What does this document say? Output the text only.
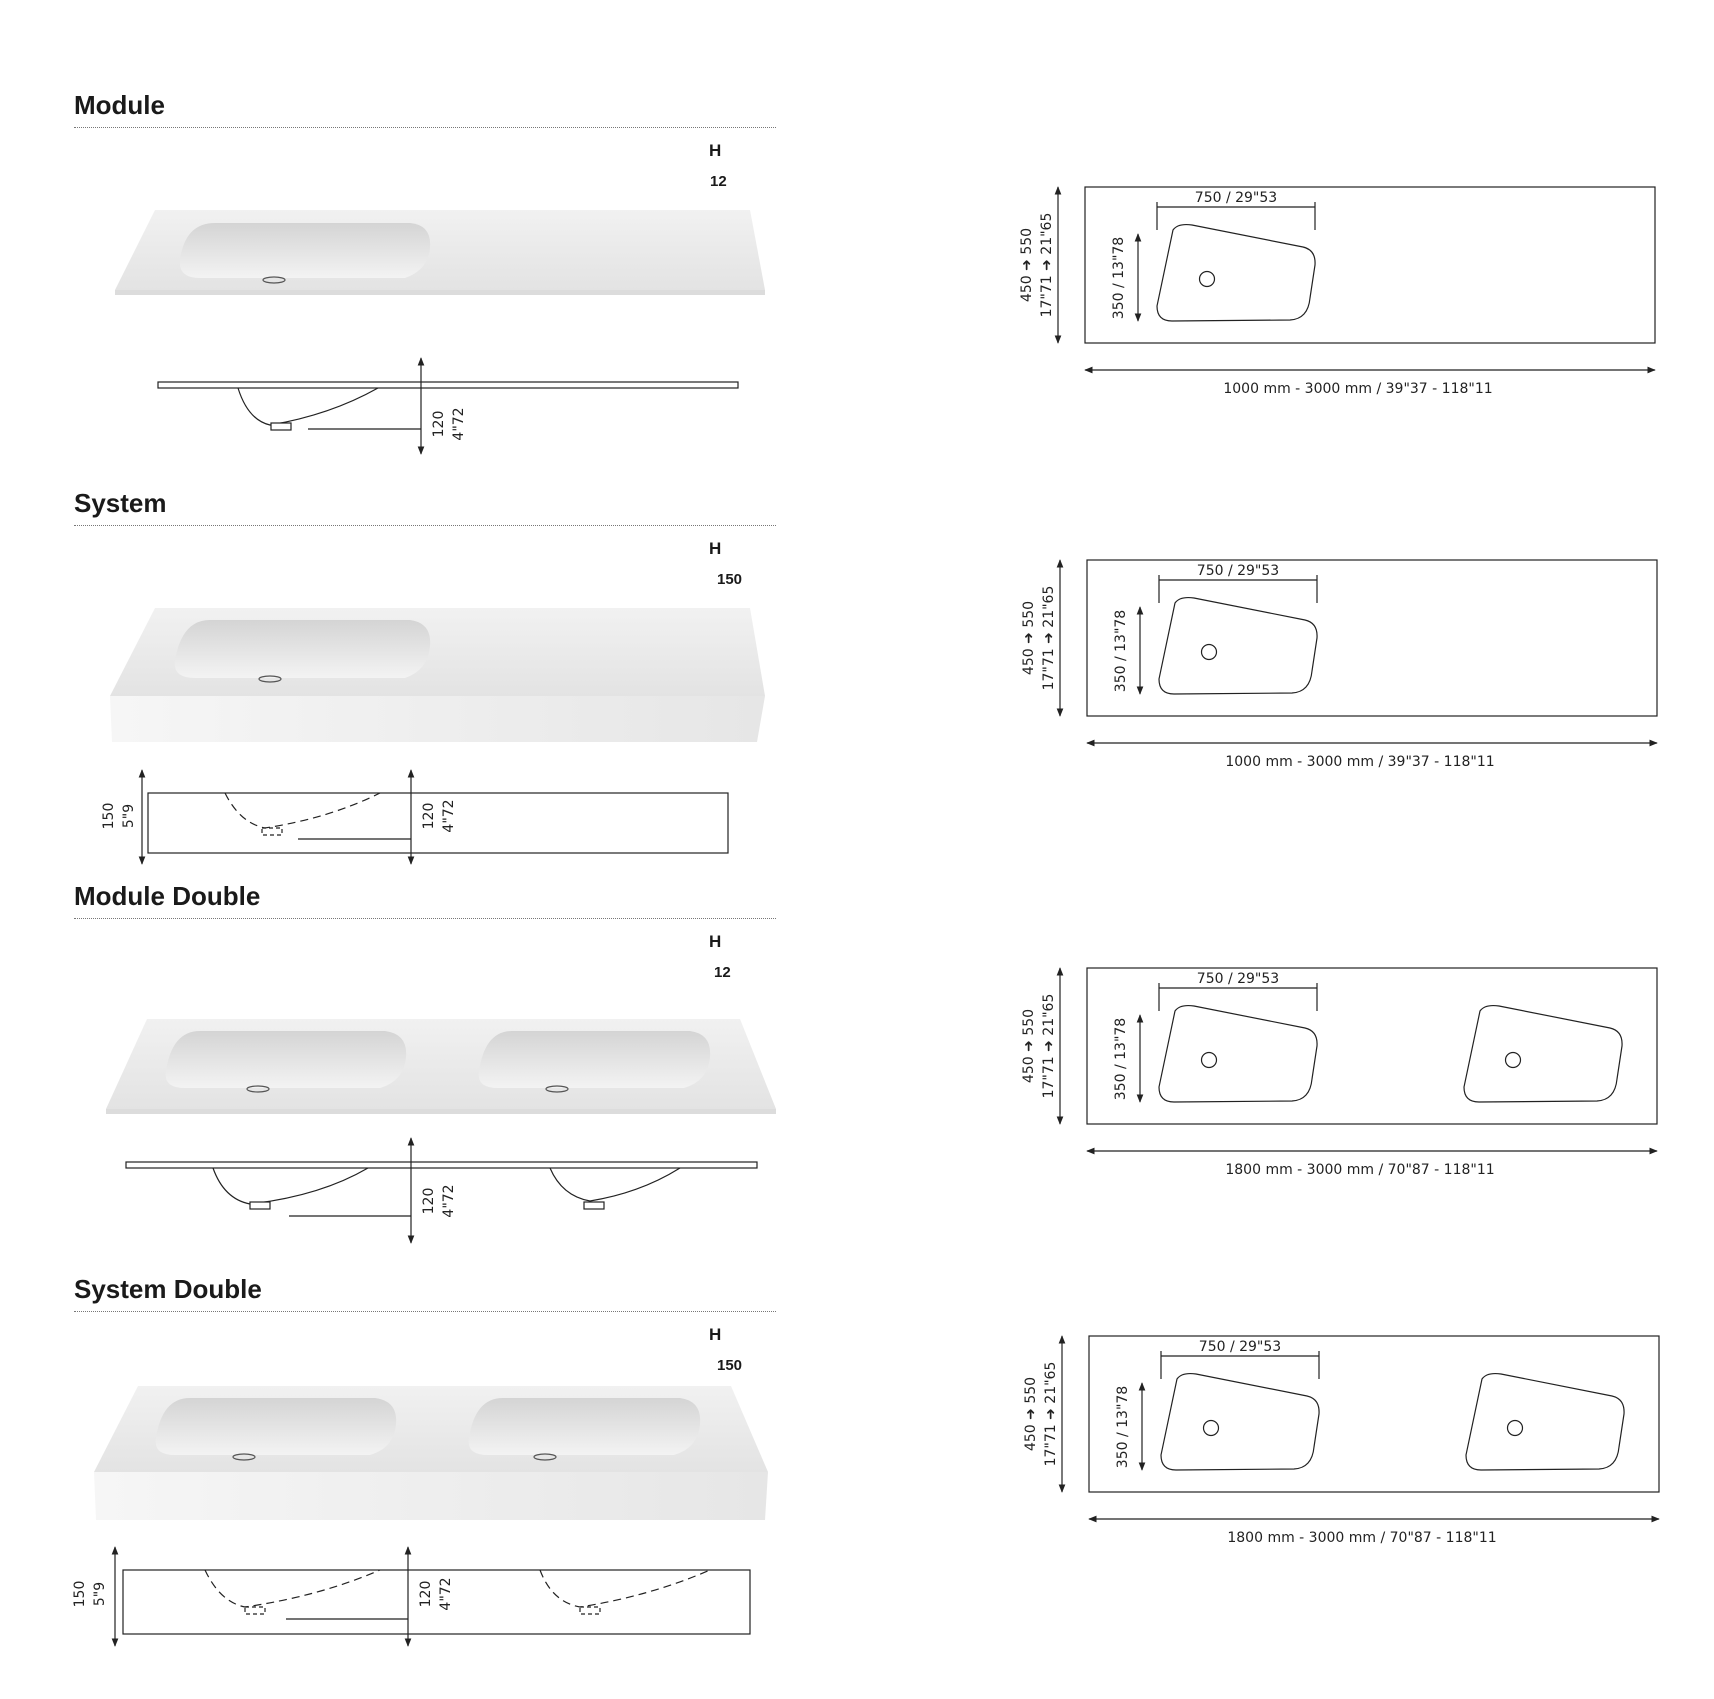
Module
H
12
120 4"72
750 / 29"53
350 / 13"78
450 ➜ 550 17"71 ➜ 21"65
1000 mm - 3000 mm / 39"37 - 118"11
System
H
150
150 5"9	120 4"72
750 / 29"53
350 / 13"78
450 ➜ 550 17"71 ➜ 21"65
1000 mm - 3000 mm / 39"37 - 118"11
Module Double
H
12
120 4"72
750 / 29"53
350 / 13"78
450 ➜ 550 17"71 ➜ 21"65
1800 mm - 3000 mm / 70"87 - 118"11
System Double
H
150
150 5"9	120 4"72
750 / 29"53
350 / 13"78
450 ➜ 550 17"71 ➜ 21"65
1800 mm - 3000 mm / 70"87 - 118"11
